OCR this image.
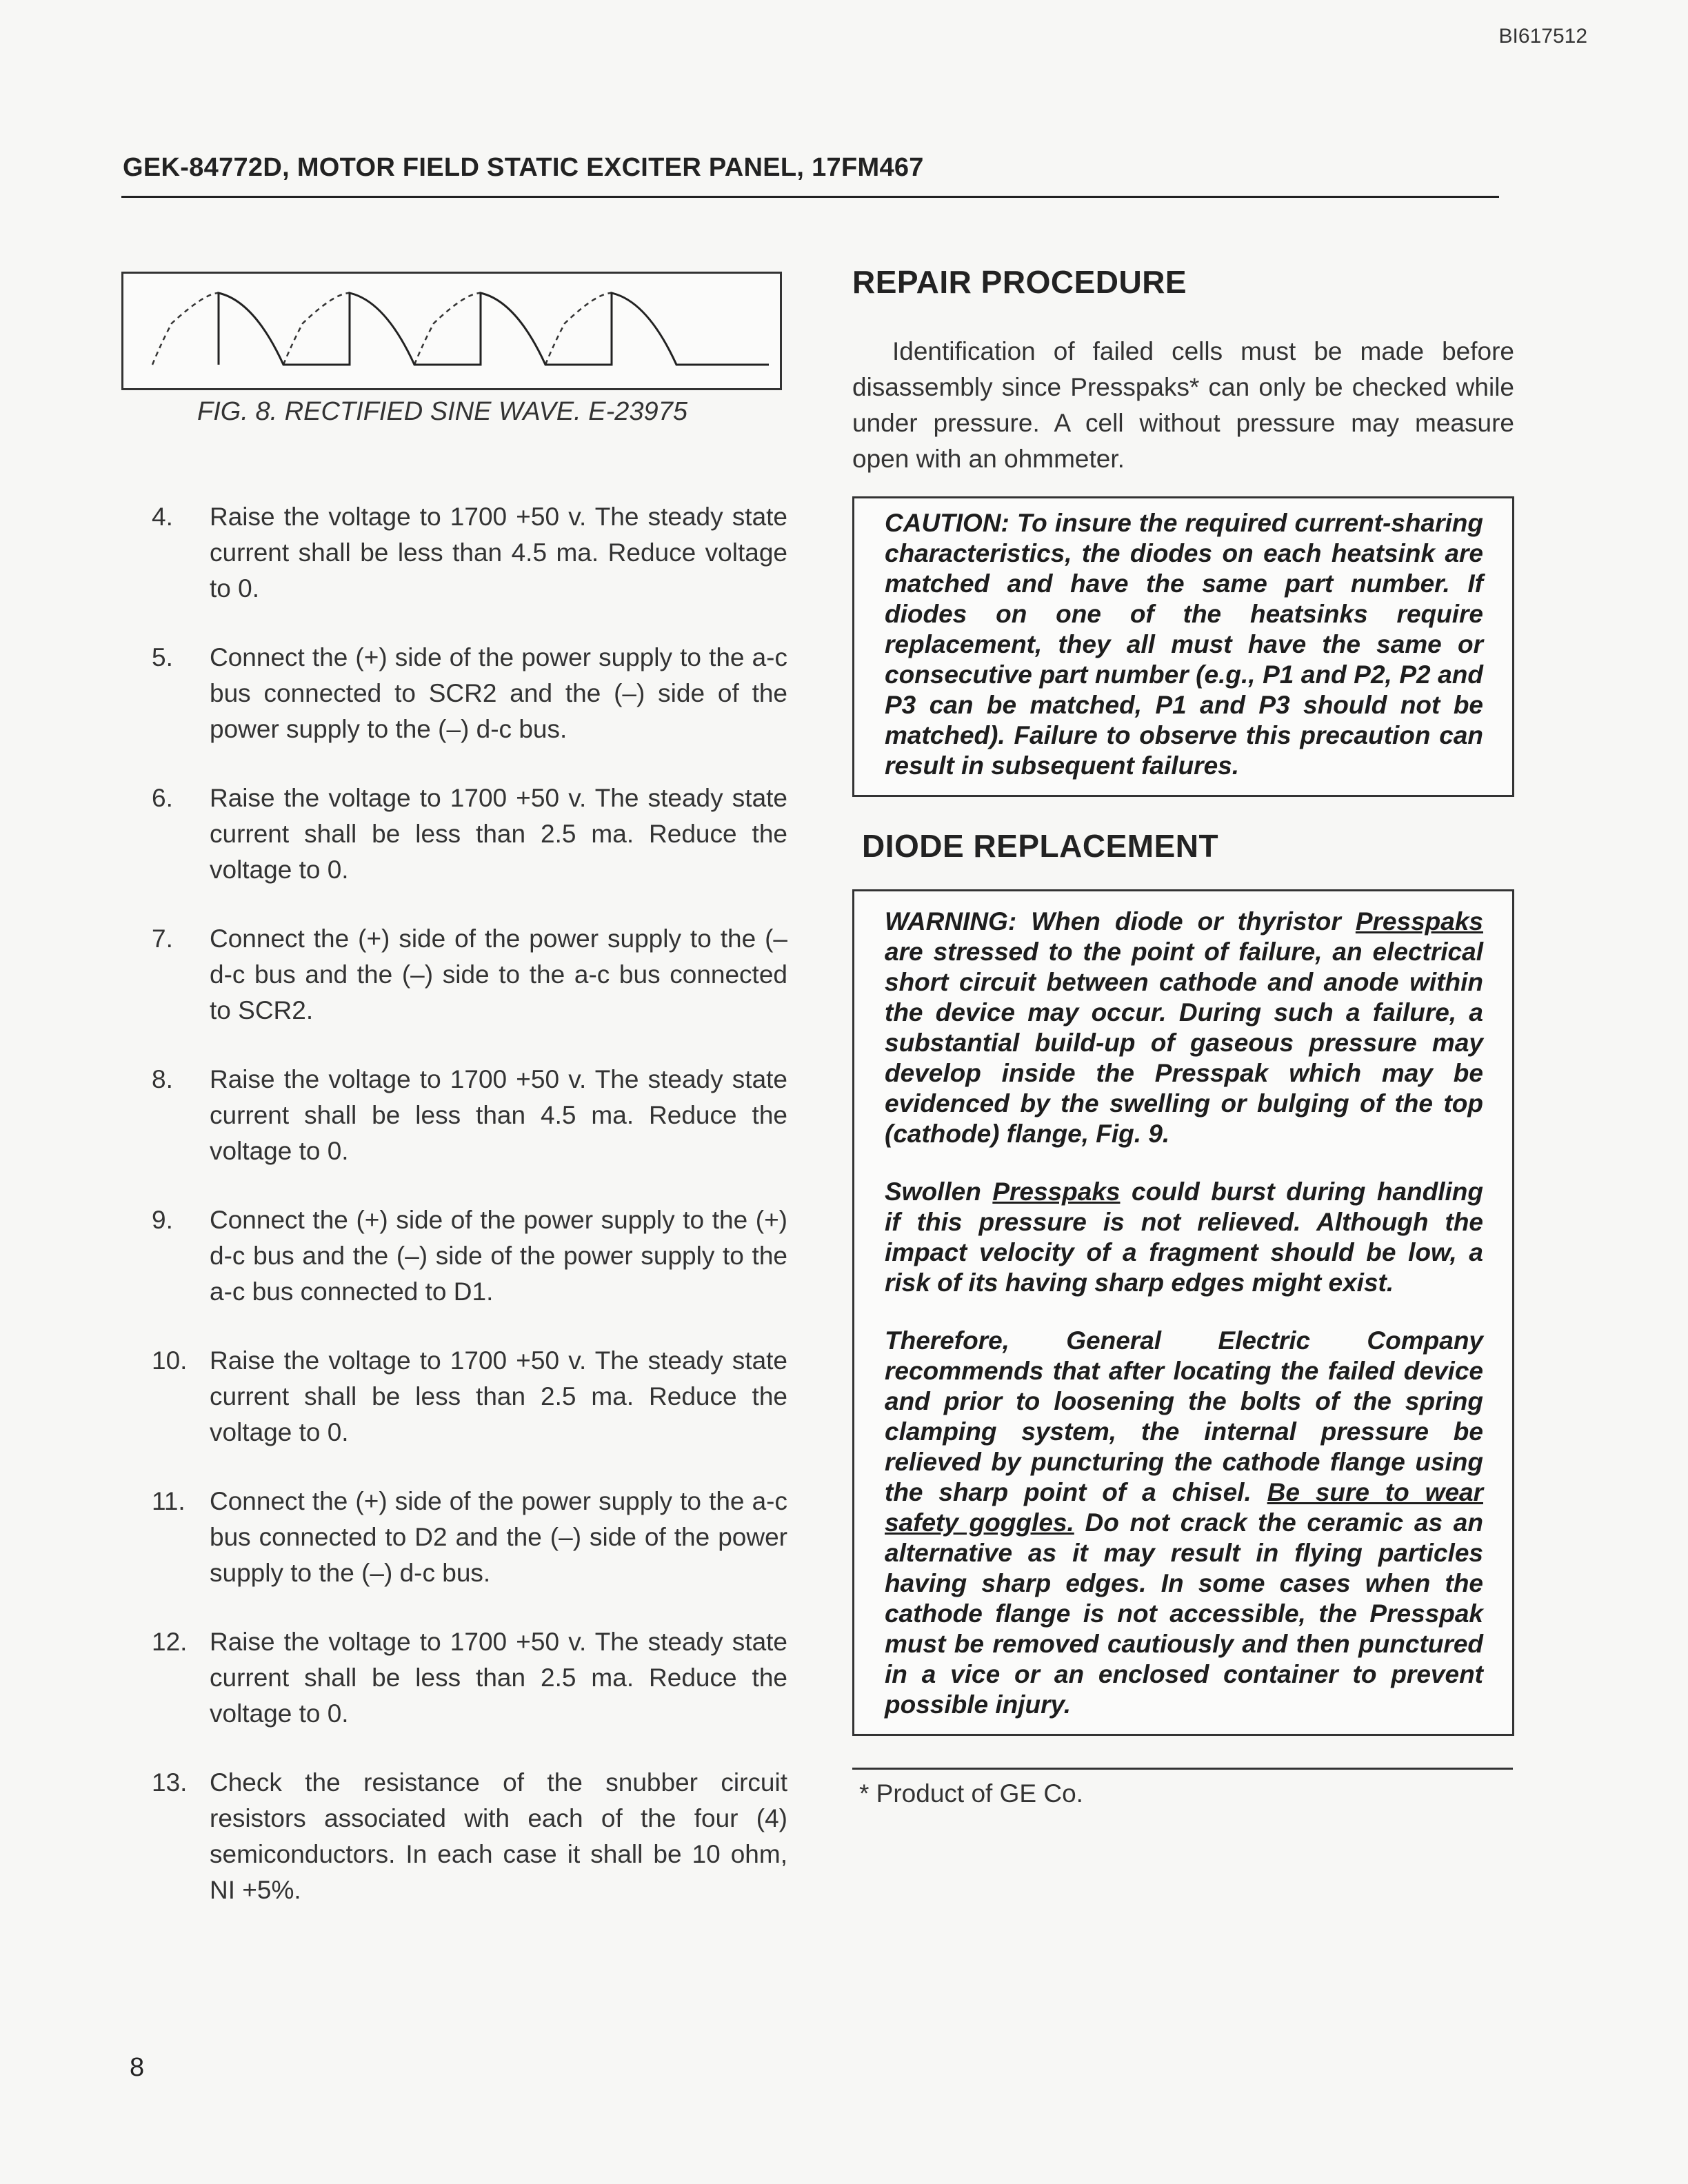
BI617512
GEK-84772D, MOTOR FIELD STATIC EXCITER PANEL, 17FM467
FIG. 8. RECTIFIED SINE WAVE. E-23975
4.	Raise the voltage to 1700 +50 v. The steady state current shall be less than 4.5 ma. Reduce voltage to 0.
5.	Connect the (+) side of the power supply to the a-c bus connected to SCR2 and the (–) side of the power supply to the (–) d-c bus.
6.	Raise the voltage to 1700 +50 v. The steady state current shall be less than 2.5 ma. Reduce the voltage to 0.
7.	Connect the (+) side of the power supply to the (– d-c bus and the (–) side to the a-c bus connected to SCR2.
8.	Raise the voltage to 1700 +50 v. The steady state current shall be less than 4.5 ma. Reduce the voltage to 0.
9.	Connect the (+) side of the power supply to the (+) d-c bus and the (–) side of the power supply to the a-c bus connected to D1.
10. Raise the voltage to 1700 +50 v. The steady state current shall be less than 2.5 ma. Reduce the voltage to 0.
11. Connect the (+) side of the power supply to the a-c bus connected to D2 and the (–) side of the power supply to the (–) d-c bus.
12. Raise the voltage to 1700 +50 v. The steady state current shall be less than 2.5 ma. Reduce the voltage to 0.
13. Check the resistance of the snubber circuit resistors associated with each of the four (4) semiconductors. In each case it shall be 10 ohm, NI +5%.
REPAIR PROCEDURE
Identification of failed cells must be made before disassembly since Presspaks* can only be checked while under pressure. A cell without pressure may measure open with an ohmmeter.

CAUTION: To insure the required current-sharing characteristics, the diodes on each heatsink are matched and have the same part number. If diodes on one of the heatsinks require replacement, they all must have the same or consecutive part number (e.g., P1 and P2, P2 and P3 can be matched, P1 and P3 should not be matched). Failure to observe this precaution can result in subsequent failures.

DIODE REPLACEMENT

WARNING: When diode or thyristor Presspaks are stressed to the point of failure, an electrical short circuit between cathode and anode within the device may occur. During such a failure, a substantial build-up of gaseous pressure may develop inside the Presspak which may be evidenced by the swelling or bulging of the top (cathode) flange, Fig. 9.

Swollen Presspaks could burst during handling if this pressure is not relieved. Although the impact velocity of a fragment should be low, a risk of its having sharp edges might exist.

Therefore, General Electric Company recommends that after locating the failed device and prior to loosening the bolts of the spring clamping system, the internal pressure be relieved by puncturing the cathode flange using the sharp point of a chisel. Be sure to wear safety goggles. Do not crack the ceramic as an alternative as it may result in flying particles having sharp edges. In some cases when the cathode flange is not accessible, the Presspak must be removed cautiously and then punctured in a vice or an enclosed container to prevent possible injury.

* Product of GE Co.
8
